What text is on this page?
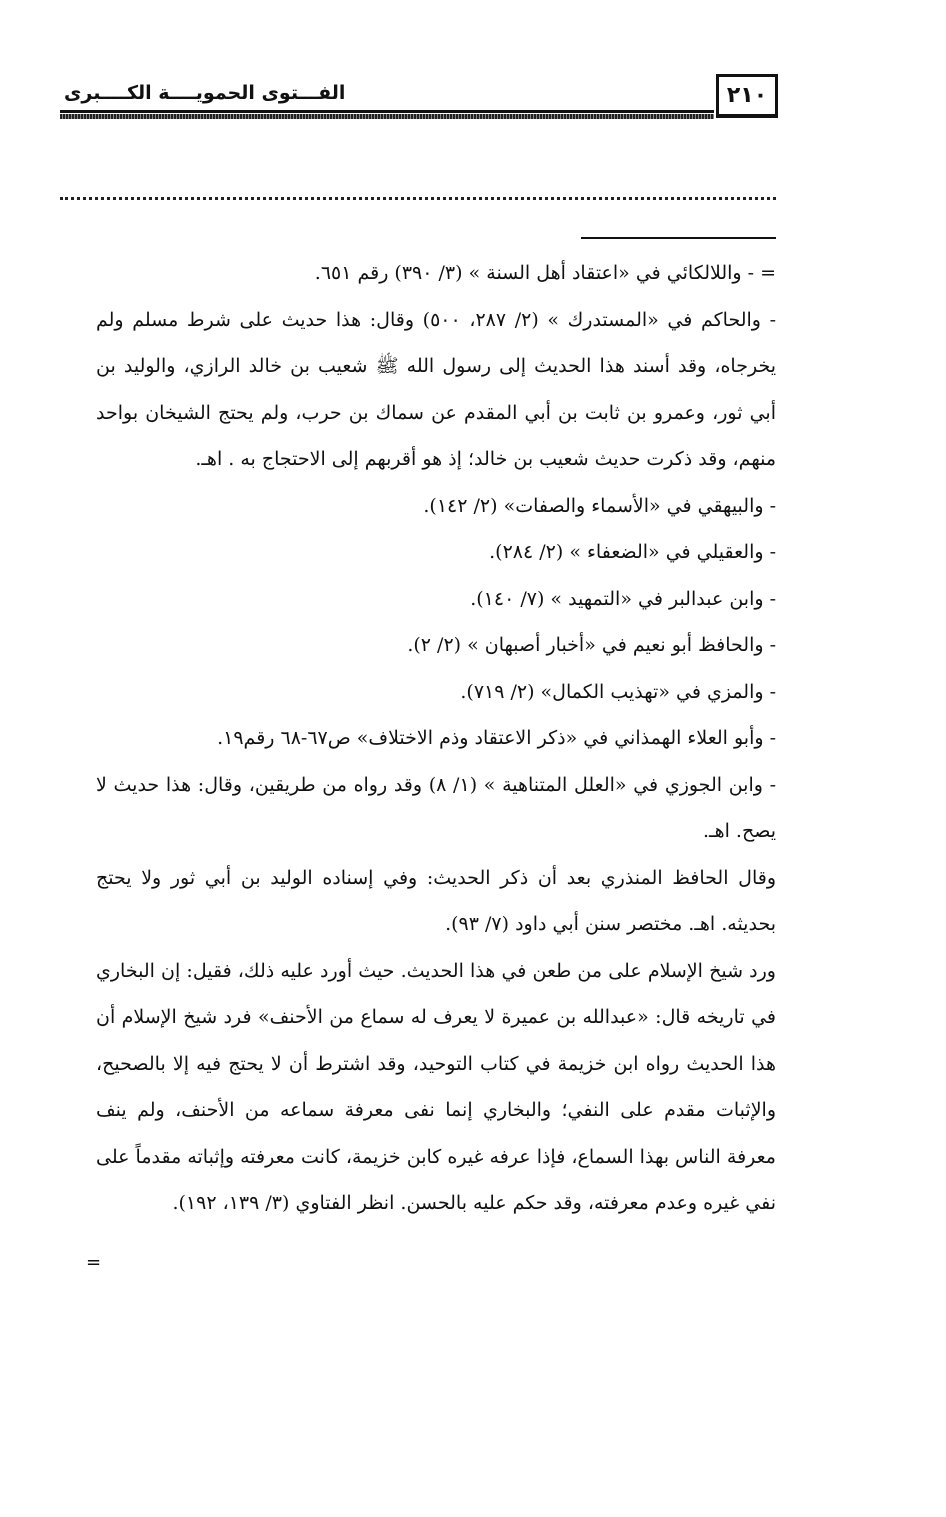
٢١٠
الفـــتوى الحمويــــة الكــــبرى

= - واللالكائي في «اعتقاد أهل السنة » (٣/ ٣٩٠) رقم ٦٥١.

- والحاكم في «المستدرك » (٢/ ٢٨٧، ٥٠٠) وقال: هذا حديث على شرط مسلم ولم يخرجاه، وقد أسند هذا الحديث إلى رسول الله ﷺ شعيب بن خالد الرازي، والوليد بن أبي ثور، وعمرو بن ثابت بن أبي المقدم عن سماك بن حرب، ولم يحتج الشيخان بواحد منهم، وقد ذكرت حديث شعيب بن خالد؛ إذ هو أقربهم إلى الاحتجاج به . اهـ.

- والبيهقي في «الأسماء والصفات» (٢/ ١٤٢).

- والعقيلي في «الضعفاء » (٢/ ٢٨٤).

- وابن عبدالبر في «التمهيد » (٧/ ١٤٠).

- والحافظ أبو نعيم في «أخبار أصبهان » (٢/ ٢).

- والمزي في «تهذيب الكمال» (٢/ ٧١٩).

- وأبو العلاء الهمذاني في «ذكر الاعتقاد وذم الاختلاف» ص٦٧-٦٨ رقم١٩.

- وابن الجوزي في «العلل المتناهية » (١/ ٨) وقد رواه من طريقين، وقال: هذا حديث لا يصح. اهـ.

وقال الحافظ المنذري بعد أن ذكر الحديث: وفي إسناده الوليد بن أبي ثور ولا يحتج بحديثه. اهـ. مختصر سنن أبي داود (٧/ ٩٣).

ورد شيخ الإسلام على من طعن في هذا الحديث. حيث أورد عليه ذلك، فقيل: إن البخاري في تاريخه قال: «عبدالله بن عميرة لا يعرف له سماع من الأحنف» فرد شيخ الإسلام أن هذا الحديث رواه ابن خزيمة في كتاب التوحيد، وقد اشترط أن لا يحتج فيه إلا بالصحيح، والإثبات مقدم على النفي؛ والبخاري إنما نفى معرفة سماعه من الأحنف، ولم ينف معرفة الناس بهذا السماع، فإذا عرفه غيره كابن خزيمة، كانت معرفته وإثباته مقدماً على نفي غيره وعدم معرفته، وقد حكم عليه بالحسن. انظر الفتاوي (٣/ ١٣٩، ١٩٢).

=
